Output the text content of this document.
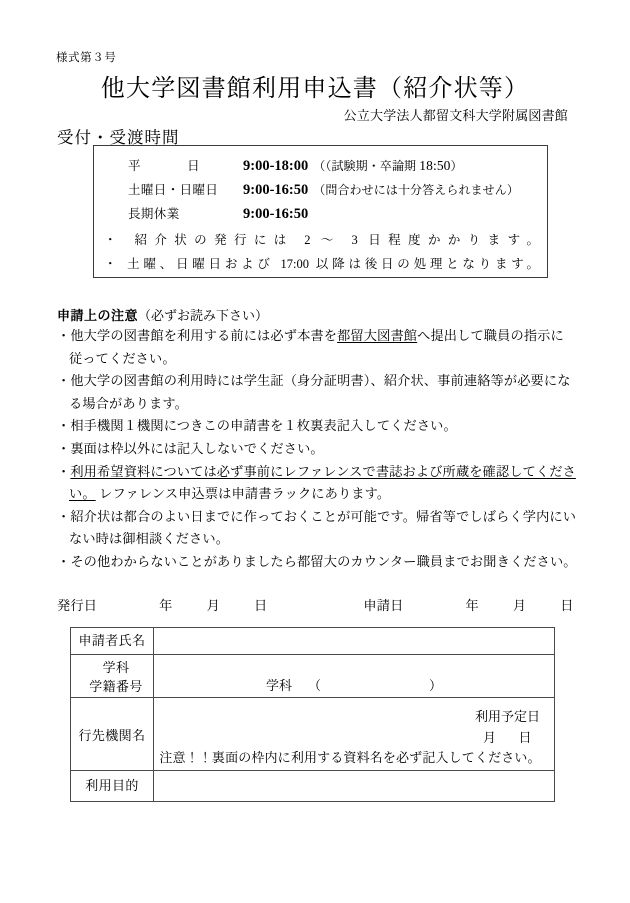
様式第３号
他大学図書館利用申込書（紹介状等）
公立大学法人都留文科大学附属図書館
受付・受渡時間
平　　日	9:00-18:00	（（試験期・卒論期 18:50）
土曜日・日曜日	9:00-16:50	（問合わせには十分答えられません）
長期休業	9:00-16:50	
・ 紹介状の発行には 2 ～ 3 日程度かかります。
・ 土曜、日曜日および 17:00 以降は後日の処理となります。
申請上の注意（必ずお読み下さい）

・他大学の図書館を利用する前には必ず本書を都留大図書館へ提出して職員の指示に従ってください。

・他大学の図書館の利用時には学生証（身分証明書）、紹介状、事前連絡等が必要になる場合があります。

・相手機関１機関につきこの申請書を１枚裏表記入してください。

・裏面は枠以外には記入しないでください。

・利用希望資料については必ず事前にレファレンスで書誌および所蔵を確認してください。 レファレンス申込票は申請書ラックにあります。

・紹介状は都合のよい日までに作っておくことが可能です。帰省等でしばらく学内にいない時は御相談ください。

・その他わからないことがありましたら都留大のカウンター職員までお聞きください。

発行日	年	月	日	申請日	年	月	日
申請者氏名	

学科
学籍番号	学科 （ ）

行先機関名	利用予定日
月 日
注意！！裏面の枠内に利用する資料名を必ず記入してください。

利用目的	
